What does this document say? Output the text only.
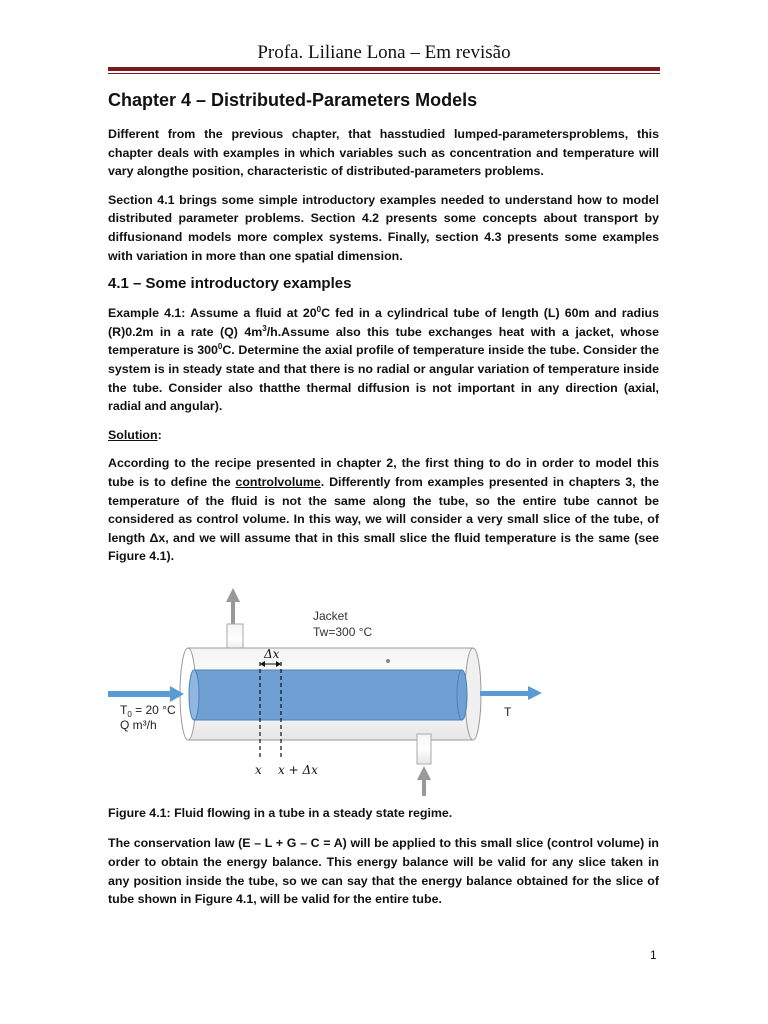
Profa. Liliane Lona – Em revisão
Chapter 4 – Distributed-Parameters Models

Different from the previous chapter, that hasstudied lumped-parametersproblems, this chapter deals with examples in which variables such as concentration and temperature will vary alongthe position, characteristic of distributed-parameters problems.

Section 4.1 brings some simple introductory examples needed to understand how to model distributed parameter problems. Section 4.2 presents some concepts about transport by diffusionand models more complex systems. Finally, section 4.3 presents some examples with variation in more than one spatial dimension.

4.1 – Some introductory examples

Example 4.1: Assume a fluid at $20^0C$ fed in a cylindrical tube of length (L) 60m and radius (R)0.2m in a rate (Q) $4m^3/h.Assume$ also this tube exchanges heat with a jacket, whose temperature is $300^0C$. Determine the axial profile of temperature inside the tube. Consider the system is in steady state and that there is no radial or angular variation of temperature inside the tube. Consider also thatthe thermal diffusion is not important in any direction (axial, radial and angular).

Solution:

According to the recipe presented in chapter 2, the first thing to do in order to model this tube is to define the controlvolume. Differently from examples presented in chapters 3, the temperature of the fluid is not the same along the tube, so the entire tube cannot be considered as control volume. In this way, we will consider a very small slice of the tube, of length Δx, and we will assume that in this small slice the fluid temperature is the same (see Figure 4.1).

Jacket
Tw=300 °C
Δx
$T_0 = 20$ °C
Q m³/h
T
x x + Δx

Figure 4.1: Fluid flowing in a tube in a steady state regime.

The conservation law (E – L + G – C = A) will be applied to this small slice (control volume) in order to obtain the energy balance. This energy balance will be valid for any slice taken in any position inside the tube, so we can say that the energy balance obtained for the slice of tube shown in Figure 4.1, will be valid for the entire tube.

1
